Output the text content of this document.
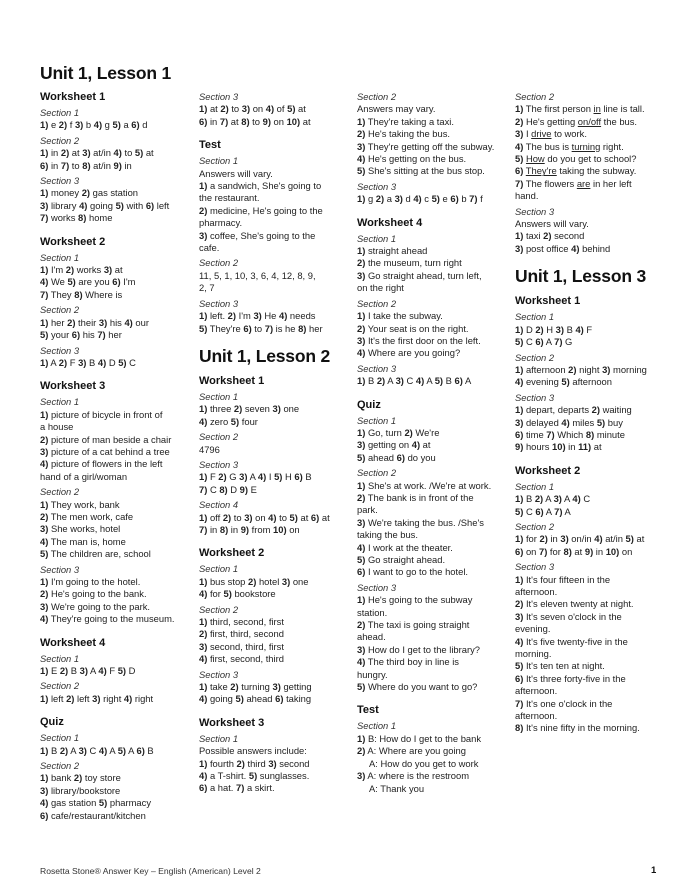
Unit 1, Lesson 1
Worksheet 1
Section 1
1) e 2) f 3) b 4) g 5) a 6) d
Section 2
1) in 2) at 3) at/in 4) to 5) at
6) in 7) to 8) at/in 9) in
Section 3
1) money 2) gas station
3) library 4) going 5) with 6) left
7) works 8) home
Worksheet 2
Section 1
1) I'm 2) works 3) at
4) We 5) are you 6) I'm
7) They 8) Where is
Section 2
1) her 2) their 3) his 4) our
5) your 6) his 7) her
Section 3
1) A 2) F 3) B 4) D 5) C
Worksheet 3
Section 1
1) picture of bicycle in front of
a house
2) picture of man beside a chair
3) picture of a cat behind a tree
4) picture of flowers in the left
hand of a girl/woman
Section 2
1) They work, bank
2) The men work, cafe
3) She works, hotel
4) The man is, home
5) The children are, school
Section 3
1) I'm going to the hotel.
2) He's going to the bank.
3) We're going to the park.
4) They're going to the museum.
Worksheet 4
Section 1
1) E 2) B 3) A 4) F 5) D
Section 2
1) left 2) left 3) right 4) right
Quiz
Section 1
1) B 2) A 3) C 4) A 5) A 6) B
Section 2
1) bank 2) toy store
3) library/bookstore
4) gas station 5) pharmacy
6) cafe/restaurant/kitchen
Section 3
1) at 2) to 3) on 4) of 5) at
6) in 7) at 8) to 9) on 10) at
Test
Section 1
Answers will vary.
1) a sandwich, She's going to
the restaurant.
2) medicine, He's going to the
pharmacy.
3) coffee, She's going to the
cafe.
Section 2
11, 5, 1, 10, 3, 6, 4, 12, 8, 9,
2, 7
Section 3
1) left. 2) I'm 3) He 4) needs
5) They're 6) to 7) is he 8) her
Unit 1, Lesson 2
Worksheet 1
Section 1
1) three 2) seven 3) one
4) zero 5) four
Section 2
4796
Section 3
1) F 2) G 3) A 4) I 5) H 6) B
7) C 8) D 9) E
Section 4
1) off 2) to 3) on 4) to 5) at 6) at
7) in 8) in 9) from 10) on
Worksheet 2
Section 1
1) bus stop 2) hotel 3) one
4) for 5) bookstore
Section 2
1) third, second, first
2) first, third, second
3) second, third, first
4) first, second, third
Section 3
1) take 2) turning 3) getting
4) going 5) ahead 6) taking
Worksheet 3
Section 1
Possible answers include:
1) fourth 2) third 3) second
4) a T-shirt. 5) sunglasses.
6) a hat. 7) a skirt.
Section 2
Answers may vary.
1) They're taking a taxi.
2) He's taking the bus.
3) They're getting off the subway.
4) He's getting on the bus.
5) She's sitting at the bus stop.
Section 3
1) g 2) a 3) d 4) c 5) e 6) b 7) f
Worksheet 4
Section 1
1) straight ahead
2) the museum, turn right
3) Go straight ahead, turn left,
on the right
Section 2
1) I take the subway.
2) Your seat is on the right.
3) It's the first door on the left.
4) Where are you going?
Section 3
1) B 2) A 3) C 4) A 5) B 6) A
Quiz
Section 1
1) Go, turn 2) We're
3) getting on 4) at
5) ahead 6) do you
Section 2
1) She's at work. /We're at work.
2) The bank is in front of the
park.
3) We're taking the bus. /She's
taking the bus.
4) I work at the theater.
5) Go straight ahead.
6) I want to go to the hotel.
Section 3
1) He's going to the subway
station.
2) The taxi is going straight
ahead.
3) How do I get to the library?
4) The third boy in line is
hungry.
5) Where do you want to go?
Test
Section 1
1) B: How do I get to the bank
2) A: Where are you going
A: How do you get to work
3) A: where is the restroom
A: Thank you
Section 2
1) The first person in line is tall.
2) He's getting on/off the bus.
3) I drive to work.
4) The bus is turning right.
5) How do you get to school?
6) They're taking the subway.
7) The flowers are in her left
hand.
Section 3
Answers will vary.
1) taxi 2) second
3) post office 4) behind
Unit 1, Lesson 3
Worksheet 1
Section 1
1) D 2) H 3) B 4) F
5) C 6) A 7) G
Section 2
1) afternoon 2) night 3) morning
4) evening 5) afternoon
Section 3
1) depart, departs 2) waiting
3) delayed 4) miles 5) buy
6) time 7) Which 8) minute
9) hours 10) in 11) at
Worksheet 2
Section 1
1) B 2) A 3) A 4) C
5) C 6) A 7) A
Section 2
1) for 2) in 3) on/in 4) at/in 5) at
6) on 7) for 8) at 9) in 10) on
Section 3
1) It's four fifteen in the
afternoon.
2) It's eleven twenty at night.
3) It's seven o'clock in the
evening.
4) It's five twenty-five in the
morning.
5) It's ten ten at night.
6) It's three forty-five in the
afternoon.
7) It's one o'clock in the
afternoon.
8) It's nine fifty in the morning.
Rosetta Stone® Answer Key – English (American) Level 2	1
